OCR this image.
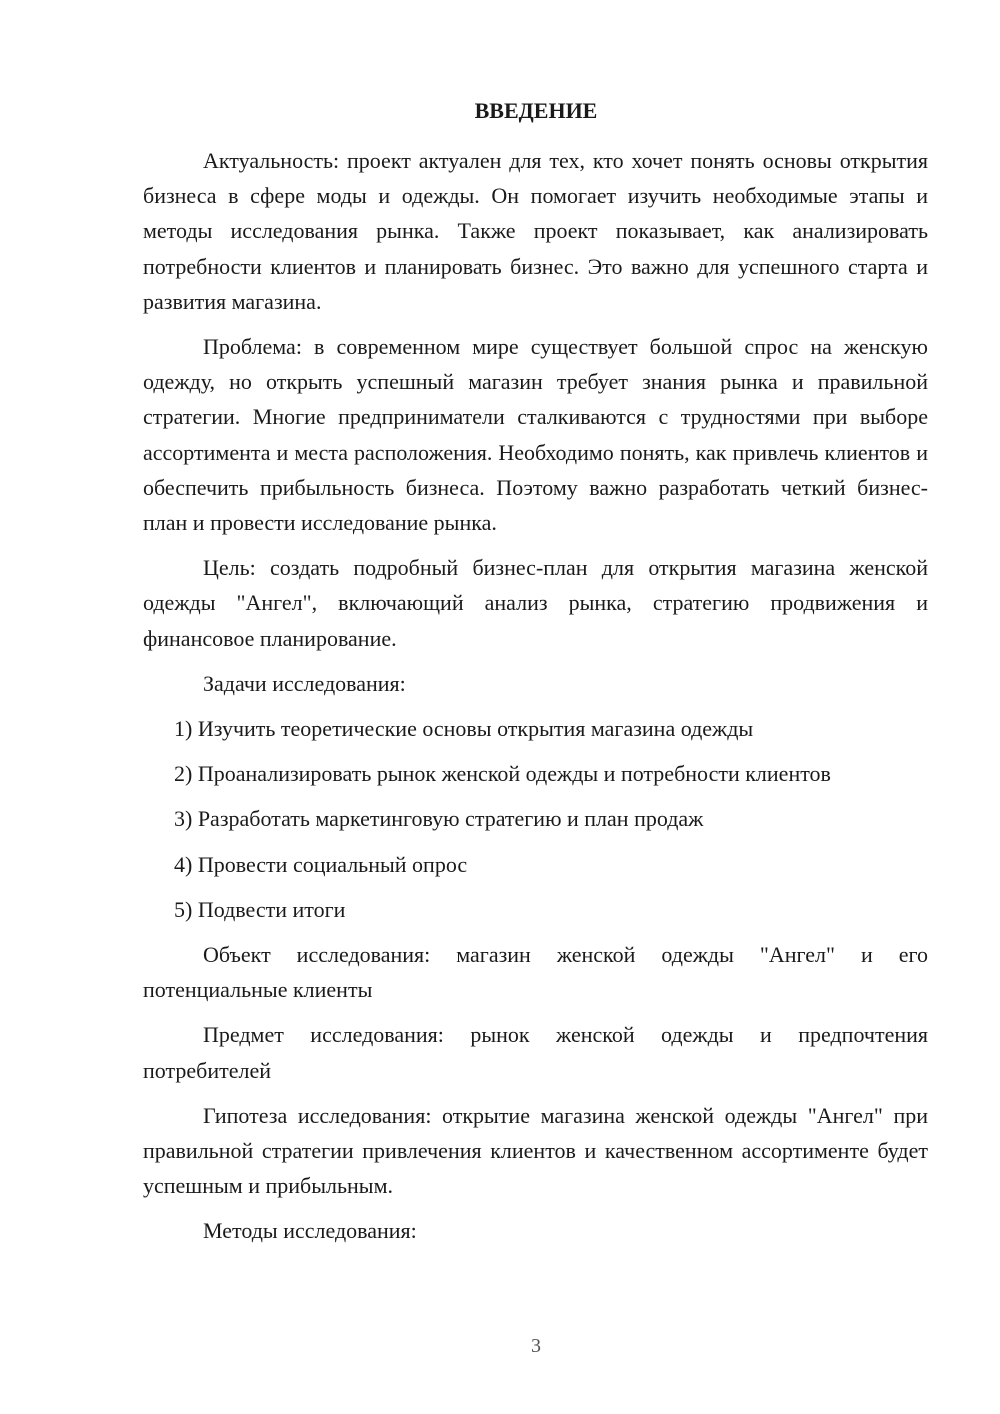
ВВЕДЕНИЕ

Актуальность: проект актуален для тех, кто хочет понять основы открытия бизнеса в сфере моды и одежды. Он помогает изучить необходимые этапы и методы исследования рынка. Также проект показывает, как анализировать потребности клиентов и планировать бизнес. Это важно для успешного старта и развития магазина.

Проблема: в современном мире существует большой спрос на женскую одежду, но открыть успешный магазин требует знания рынка и правильной стратегии. Многие предприниматели сталкиваются с трудностями при выборе ассортимента и места расположения. Необходимо понять, как привлечь клиентов и обеспечить прибыльность бизнеса. Поэтому важно разработать четкий бизнес-план и провести исследование рынка.

Цель: создать подробный бизнес-план для открытия магазина женской одежды "Ангел", включающий анализ рынка, стратегию продвижения и финансовое планирование.

Задачи исследования:

1) Изучить теоретические основы открытия магазина одежды

2) Проанализировать рынок женской одежды и потребности клиентов

3) Разработать маркетинговую стратегию и план продаж

4) Провести социальный опрос

5) Подвести итоги

Объект исследования: магазин женской одежды "Ангел" и его потенциальные клиенты

Предмет исследования: рынок женской одежды и предпочтения потребителей

Гипотеза исследования: открытие магазина женской одежды "Ангел" при правильной стратегии привлечения клиентов и качественном ассортименте будет успешным и прибыльным.

Методы исследования:

3
